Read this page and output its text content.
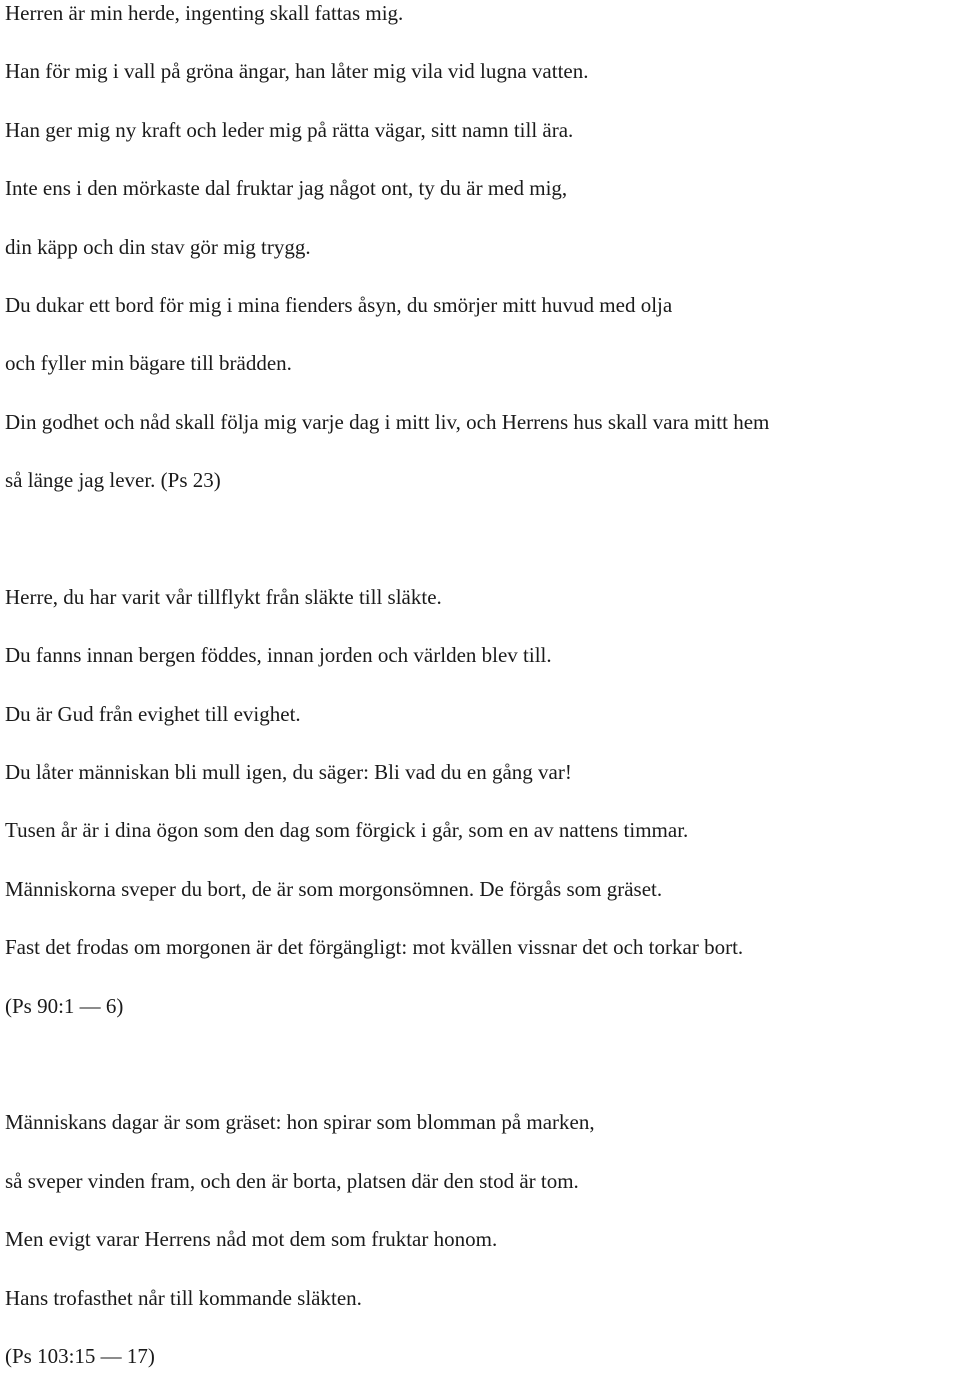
Herren är min herde, ingenting skall fattas mig.
Han för mig i vall på gröna ängar, han låter mig vila vid lugna vatten.
Han ger mig ny kraft och leder mig på rätta vägar, sitt namn till ära.
Inte ens i den mörkaste dal fruktar jag något ont, ty du är med mig,
din käpp och din stav gör mig trygg.
Du dukar ett bord för mig i mina fienders åsyn, du smörjer mitt huvud med olja
och fyller min bägare till brädden.
Din godhet och nåd skall följa mig varje dag i mitt liv, och Herrens hus skall vara mitt hem
så länge jag lever. (Ps 23)
Herre, du har varit vår tillflykt från släkte till släkte.
Du fanns innan bergen föddes, innan jorden och världen blev till.
Du är Gud från evighet till evighet.
Du låter människan bli mull igen, du säger: Bli vad du en gång var!
Tusen år är i dina ögon som den dag som förgick i går, som en av nattens timmar.
Människorna sveper du bort, de är som morgonsömnen. De förgås som gräset.
Fast det frodas om morgonen är det förgängligt: mot kvällen vissnar det och torkar bort.
(Ps 90:1 — 6)
Människans dagar är som gräset: hon spirar som blomman på marken,
så sveper vinden fram, och den är borta, platsen där den stod är tom.
Men evigt varar Herrens nåd mot dem som fruktar honom.
Hans trofasthet når till kommande släkten.
(Ps 103:15 — 17)
